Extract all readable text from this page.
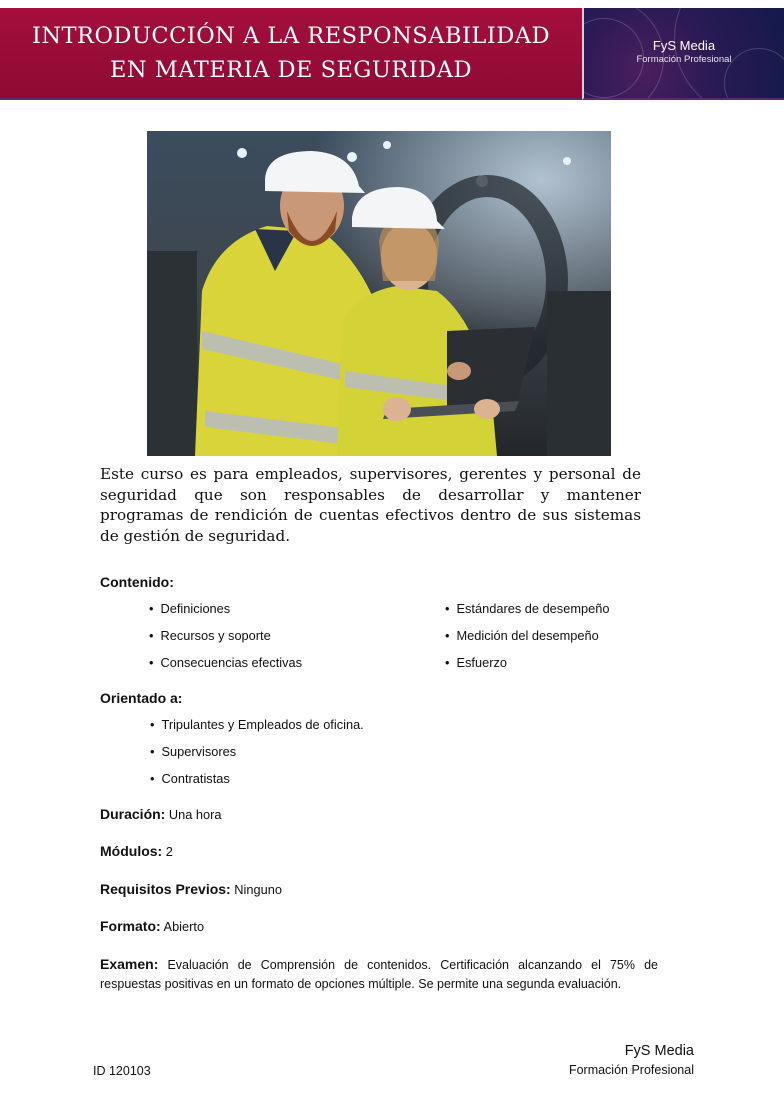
INTRODUCCIÓN A LA RESPONSABILIDAD
EN MATERIA DE SEGURIDAD
FyS Media
Formación Profesional
Este curso es para empleados, supervisores, gerentes y personal de seguridad que son responsables de desarrollar y mantener programas de rendición de cuentas efectivos dentro de sus sistemas de gestión de seguridad.
Contenido:
• Definiciones
• Recursos y soporte
• Consecuencias efectivas
• Estándares de desempeño
• Medición del desempeño
• Esfuerzo
Orientado a:
• Tripulantes y Empleados de oficina.
• Supervisores
• Contratistas
Duración: Una hora
Módulos: 2
Requisitos Previos: Ninguno
Formato: Abierto
Examen: Evaluación de Comprensión de contenidos. Certificación alcanzando el 75% de respuestas positivas en un formato de opciones múltiple. Se permite una segunda evaluación.
ID 120103
FyS Media
Formación Profesional
